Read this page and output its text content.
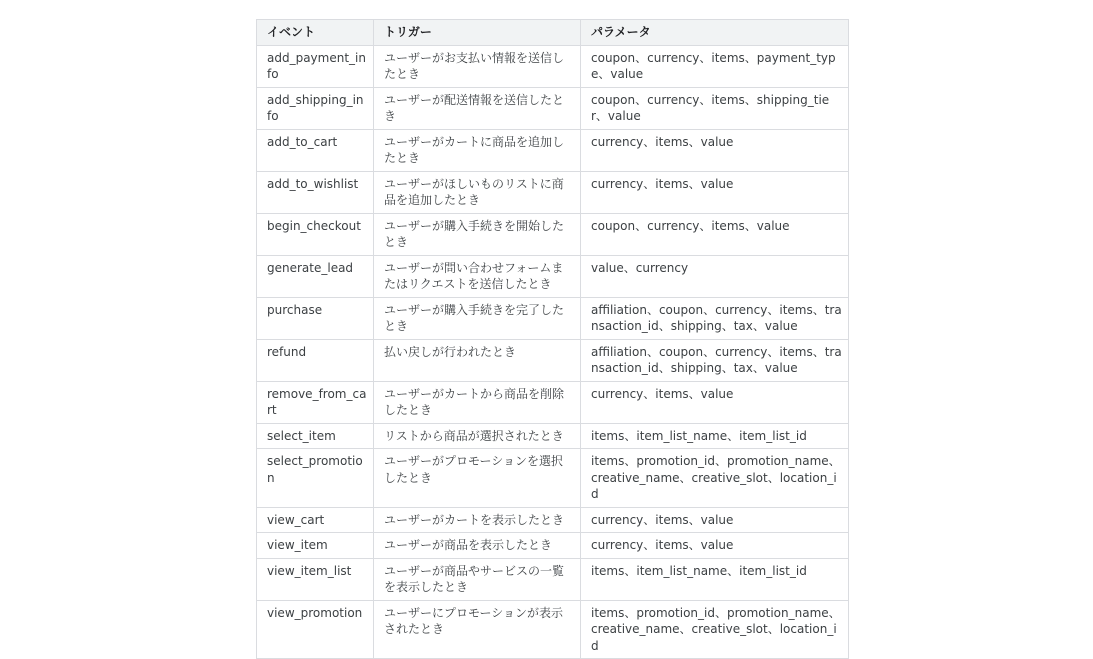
イベント	トリガー	パラメータ
add_payment_info	ユーザーがお支払い情報を送信したとき	coupon、currency、items、payment_type、value
add_shipping_info	ユーザーが配送情報を送信したとき	coupon、currency、items、shipping_tier、value
add_to_cart	ユーザーがカートに商品を追加したとき	currency、items、value
add_to_wishlist	ユーザーがほしいものリストに商品を追加したとき	currency、items、value
begin_checkout	ユーザーが購入手続きを開始したとき	coupon、currency、items、value
generate_lead	ユーザーが問い合わせフォームまたはリクエストを送信したとき	value、currency
purchase	ユーザーが購入手続きを完了したとき	affiliation、coupon、currency、items、transaction_id、shipping、tax、value
refund	払い戻しが行われたとき	affiliation、coupon、currency、items、transaction_id、shipping、tax、value
remove_from_cart	ユーザーがカートから商品を削除したとき	currency、items、value
select_item	リストから商品が選択されたとき	items、item_list_name、item_list_id
select_promotion	ユーザーがプロモーションを選択したとき	items、promotion_id、promotion_name、creative_name、creative_slot、location_id
view_cart	ユーザーがカートを表示したとき	currency、items、value
view_item	ユーザーが商品を表示したとき	currency、items、value
view_item_list	ユーザーが商品やサービスの一覧を表示したとき	items、item_list_name、item_list_id
view_promotion	ユーザーにプロモーションが表示されたとき	items、promotion_id、promotion_name、creative_name、creative_slot、location_id
